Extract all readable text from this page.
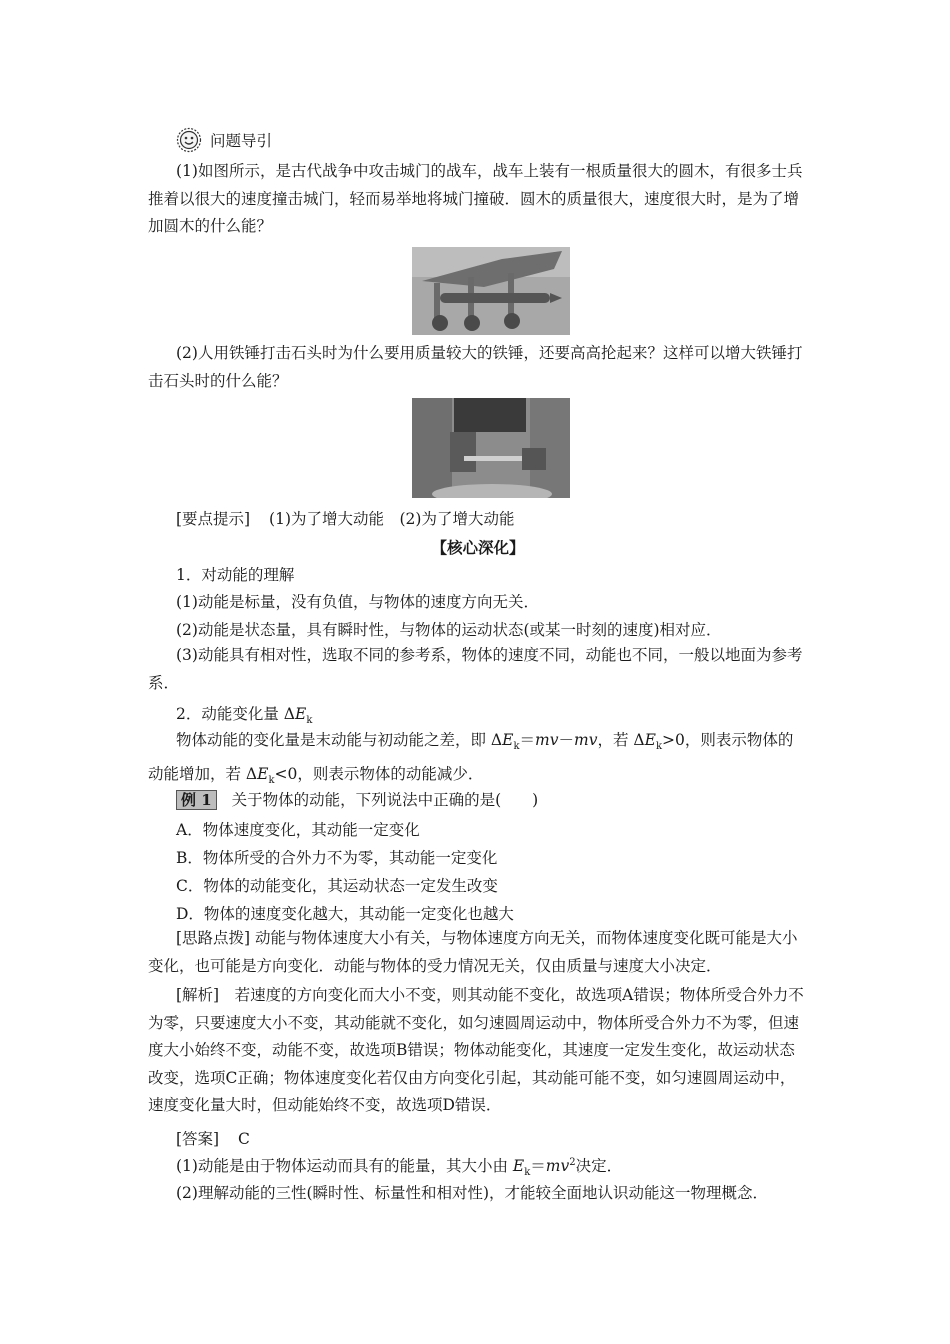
问题导引
(1)如图所示，是古代战争中攻击城门的战车，战车上装有一根质量很大的圆木，有很多士兵推着以很大的速度撞击城门，轻而易举地将城门撞破．圆木的质量很大，速度很大时，是为了增加圆木的什么能？
(2)人用铁锤打击石头时为什么要用质量较大的铁锤，还要高高抡起来？这样可以增大铁锤打击石头时的什么能？
[要点提示] (1)为了增大动能　(2)为了增大动能
【核心深化】
1．对动能的理解
(1)动能是标量，没有负值，与物体的速度方向无关．
(2)动能是状态量，具有瞬时性，与物体的运动状态(或某一时刻的速度)相对应．
(3)动能具有相对性，选取不同的参考系，物体的速度不同，动能也不同，一般以地面为参考系．
2．动能变化量 $\Delta E_k$
物体动能的变化量是末动能与初动能之差，即 $\Delta E_k=mv-mv$，若 $\Delta E_k>0$，则表示物体的动能增加，若 $\Delta E_k<0$，则表示物体的动能减少．
例 1 关于物体的动能，下列说法中正确的是(　　)
A．物体速度变化，其动能一定变化
B．物体所受的合外力不为零，其动能一定变化
C．物体的动能变化，其运动状态一定发生改变
D．物体的速度变化越大，其动能一定变化也越大
[思路点拨] 动能与物体速度大小有关，与物体速度方向无关，而物体速度变化既可能是大小变化，也可能是方向变化．动能与物体的受力情况无关，仅由质量与速度大小决定．
[解析]　若速度的方向变化而大小不变，则其动能不变化，故选项A错误；物体所受合外力不为零，只要速度大小不变，其动能就不变化，如匀速圆周运动中，物体所受合外力不为零，但速度大小始终不变，动能不变，故选项B错误；物体动能变化，其速度一定发生变化，故运动状态改变，选项C正确；物体速度变化若仅由方向变化引起，其动能可能不变，如匀速圆周运动中，速度变化量大时，但动能始终不变，故选项D错误．
[答案] C
(1)动能是由于物体运动而具有的能量，其大小由 $E_k=mv^2$决定．
(2)理解动能的三性(瞬时性、标量性和相对性)，才能较全面地认识动能这一物理概念．
